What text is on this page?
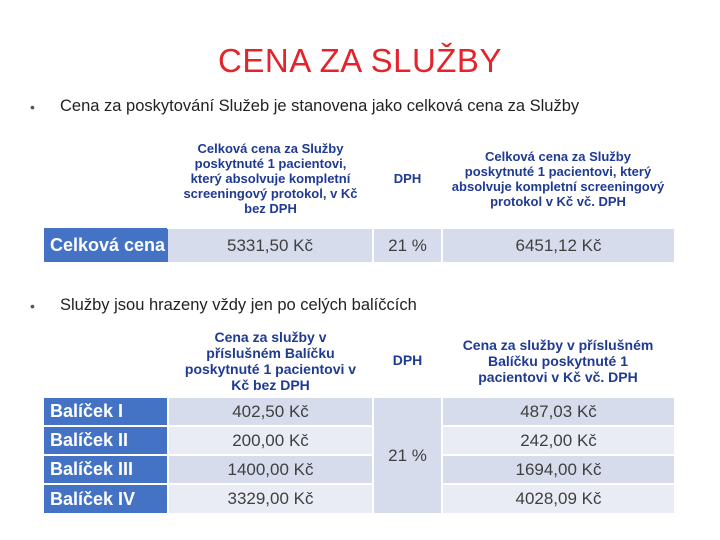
CENA ZA SLUŽBY
•	Cena za poskytování Služeb je stanovena jako celková cena za Služby

	Celková cena za Služby poskytnuté 1 pacientovi, který absolvuje kompletní screeningový protokol, v Kč bez DPH	DPH	Celková cena za Služby poskytnuté 1 pacientovi, který absolvuje kompletní screeningový protokol v Kč vč. DPH

Celková cena	5331,50 Kč	21 %	6451,12 Kč
•	Služby jsou hrazeny vždy jen po celých balíčcích

	Cena za služby v příslušném Balíčku poskytnuté 1 pacientovi v Kč bez DPH	DPH	Cena za služby v příslušném Balíčku poskytnuté 1 pacientovi v Kč vč. DPH

Balíček I	402,50 Kč	21 %	487,03 Kč
Balíček II	200,00 Kč		242,00 Kč
Balíček III	1400,00 Kč		1694,00 Kč
Balíček IV	3329,00 Kč		4028,09 Kč
